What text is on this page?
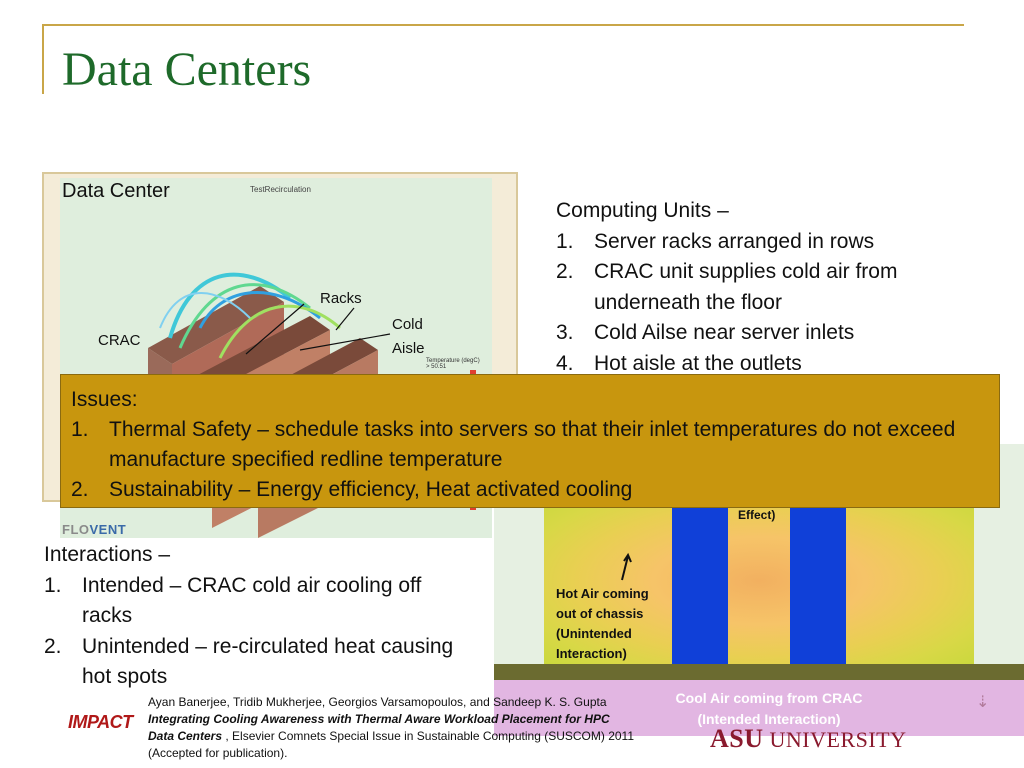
Data Centers
Data Center	TestRecirculation
Racks
CRAC
Cold
Aisle
Temperature (degC)
> 50.51
FLOVENT
Computing Units –
1. Server racks arranged in rows
2. CRAC unit supplies cold air from underneath the floor
3. Cold Ailse near server inlets
4. Hot aisle at the outlets
Effect)
Hot Air coming
out of chassis
(Unintended
Interaction)
Cool Air coming from CRAC
(Intended Interaction)
⇣
Issues:
1. Thermal Safety – schedule tasks into servers so that their inlet temperatures do not exceed manufacture specified redline temperature
2. Sustainability – Energy efficiency, Heat activated cooling
Interactions –
1. Intended – CRAC cold air cooling off racks
2. Unintended – re-circulated heat causing hot spots
IMPACT
Ayan Banerjee, Tridib Mukherjee, Georgios Varsamopoulos, and Sandeep K. S. Gupta Integrating Cooling Awareness with Thermal Aware Workload Placement for HPC Data Centers , Elsevier Comnets Special Issue in Sustainable Computing (SUSCOM) 2011 (Accepted for publication).	ASU UNIVERSITY
